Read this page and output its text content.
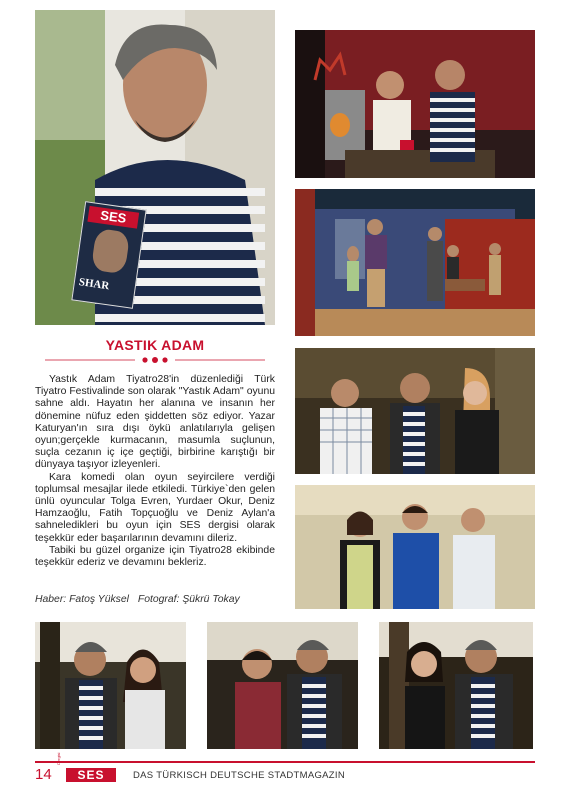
SES
SHAR
YASTIK ADAM

Yastık Adam Tiyatro28'in düzenlediği Türk Tiyatro Festivalinde son olarak "Yastık Adam" oyunu sahne aldı. Hayatın her alanına ve insanın her dönemine nüfuz eden şiddetten söz ediyor. Yazar Katuryan'ın sıra dışı öykü anlatılarıyla gelişen oyun;gerçekle kurmacanın, masumla suçlunun, suçla cezanın iç içe geçtiği, birbirine karıştığı bir dünyaya taşıyor izleyenleri.

Kara komedi olan oyun seyircilere verdiği toplumsal mesajlar ilede etkiledi. Türkiye`den gelen ünlü oyuncular Tolga Evren, Yurdaer Okur, Deniz Hamzaoğlu, Fatih Topçuoğlu ve Deniz Aylan'a sahneledikleri bu oyun için SES dergisi olarak teşekkür eder başarılarının devamını dileriz.

Tabiki bu güzel organize için Tiyatro28 ekibinde teşekkür ederiz ve devamını bekleriz.

Haber: Fatoş Yüksel Fotograf: Şükrü Tokay
14
Dergisi
SES	DAS TÜRKISCH DEUTSCHE STADTMAGAZIN
